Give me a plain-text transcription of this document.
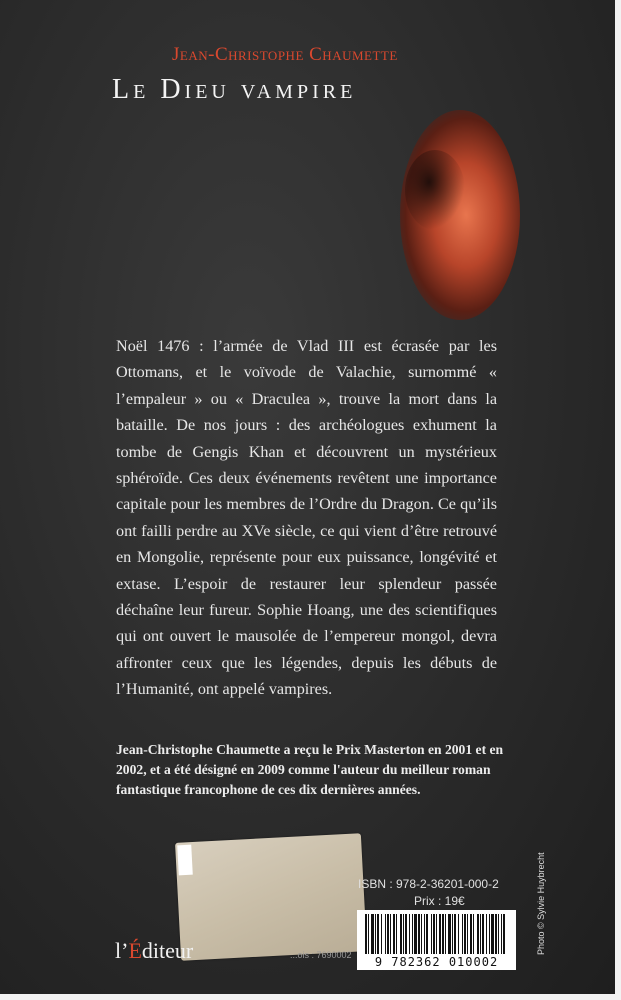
Jean-Christophe Chaumette
Le Dieu vampire

Noël 1476 : l’armée de Vlad III est écrasée par les Ottomans, et le voïvode de Valachie, surnommé « l’empaleur » ou « Draculea », trouve la mort dans la bataille. De nos jours : des archéologues exhument la tombe de Gengis Khan et découvrent un mystérieux sphéroïde. Ces deux événements revêtent une importance capitale pour les membres de l’Ordre du Dragon. Ce qu’ils ont failli perdre au XVe siècle, ce qui vient d’être retrouvé en Mongolie, représente pour eux puissance, longévité et extase. L’espoir de restaurer leur splendeur passée déchaîne leur fureur. Sophie Hoang, une des scientifiques qui ont ouvert le mausolée de l’empereur mongol, devra affronter ceux que les légendes, depuis les débuts de l’Humanité, ont appelé vampires.

Jean-Christophe Chaumette a reçu le Prix Masterton en 2001 et en 2002, et a été désigné en 2009 comme l'auteur du meilleur roman fantastique francophone de ces dix dernières années.

ISBN : 978-2-36201-000-2
Prix : 19€
l’Éditeur	...ois : 7690002	9 782362 010002
Photo © Sylvie Huybrecht
